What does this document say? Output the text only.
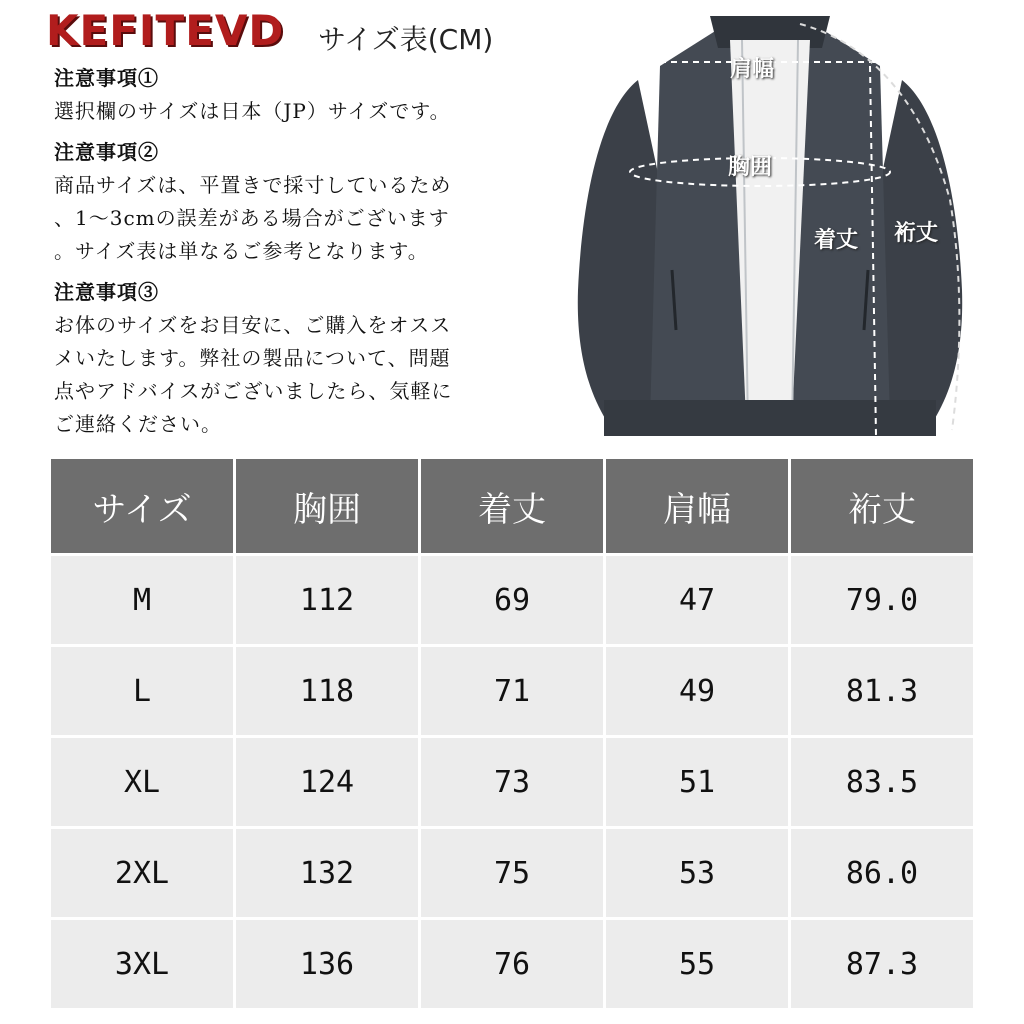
KEFITEVD サイズ表(CM)

注意事項①

選択欄のサイズは日本（JP）サイズです。

注意事項②

商品サイズは、平置きで採寸しているため

、1～3cmの誤差がある場合がございます

。サイズ表は単なるご参考となります。

注意事項③

お体のサイズをお目安に、ご購入をオスス

メいたします。弊社の製品について、問題

点やアドバイスがございましたら、気軽に

ご連絡ください。

肩幅
胸囲
着丈 裄丈
サイズ	胸囲	着丈	肩幅	裄丈
M	112	69	47	79.0
L	118	71	49	81.3
XL	124	73	51	83.5
2XL	132	75	53	86.0
3XL	136	76	55	87.3
